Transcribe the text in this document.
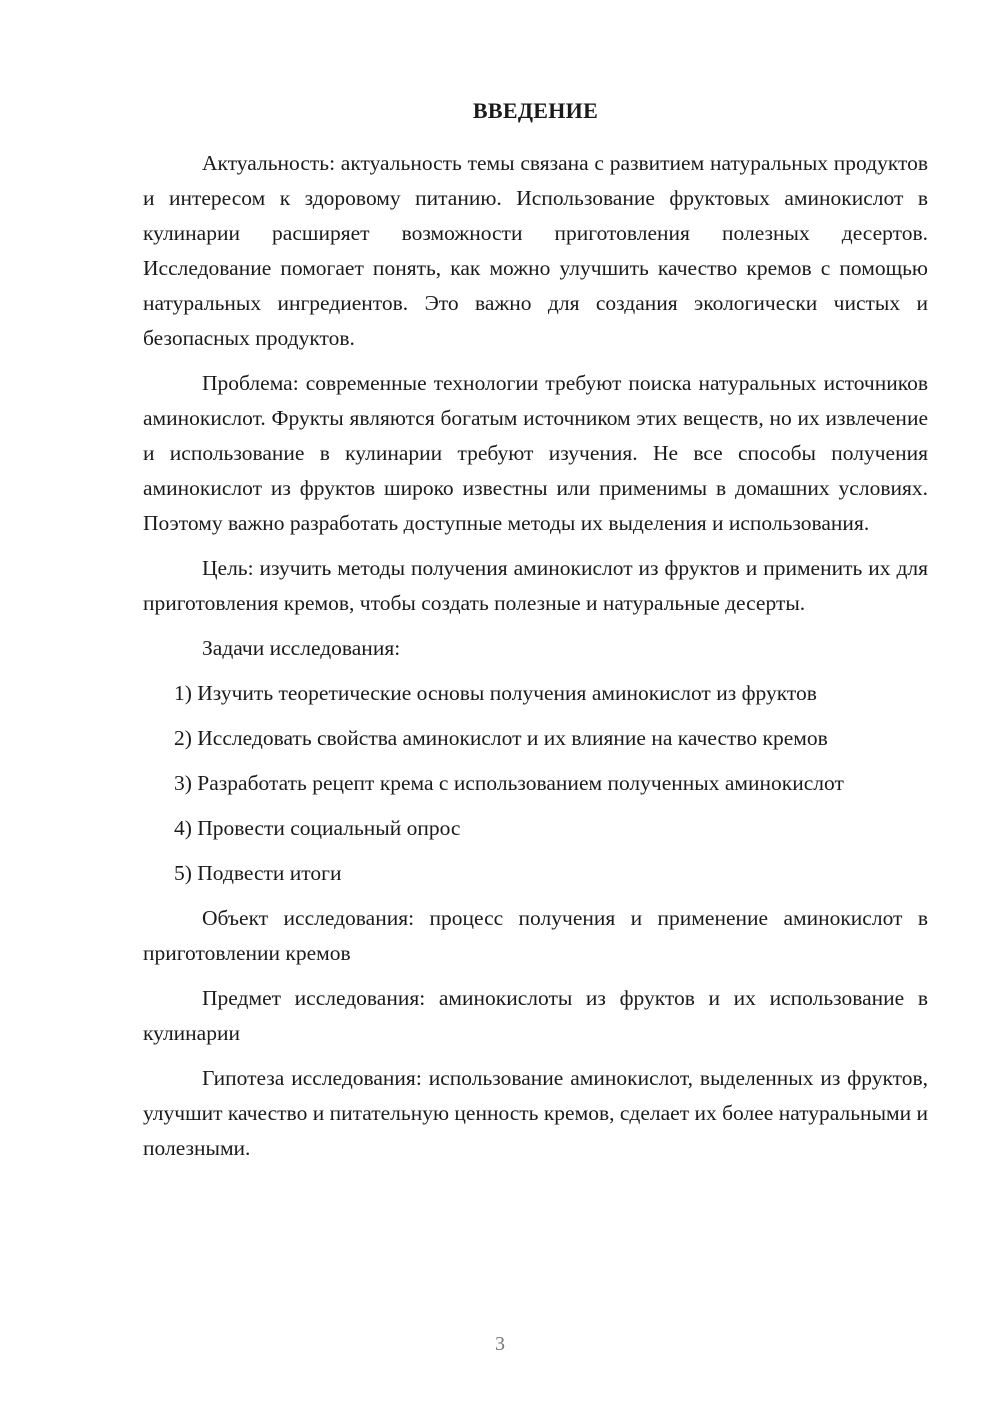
ВВЕДЕНИЕ

Актуальность: актуальность темы связана с развитием натуральных продуктов и интересом к здоровому питанию. Использование фруктовых аминокислот в кулинарии расширяет возможности приготовления полезных десертов. Исследование помогает понять, как можно улучшить качество кремов с помощью натуральных ингредиентов. Это важно для создания экологически чистых и безопасных продуктов.

Проблема: современные технологии требуют поиска натуральных источников аминокислот. Фрукты являются богатым источником этих веществ, но их извлечение и использование в кулинарии требуют изучения. Не все способы получения аминокислот из фруктов широко известны или применимы в домашних условиях. Поэтому важно разработать доступные методы их выделения и использования.

Цель: изучить методы получения аминокислот из фруктов и применить их для приготовления кремов, чтобы создать полезные и натуральные десерты.

Задачи исследования:

1) Изучить теоретические основы получения аминокислот из фруктов

2) Исследовать свойства аминокислот и их влияние на качество кремов

3) Разработать рецепт крема с использованием полученных аминокислот

4) Провести социальный опрос

5) Подвести итоги

Объект исследования: процесс получения и применение аминокислот в приготовлении кремов

Предмет исследования: аминокислоты из фруктов и их использование в кулинарии

Гипотеза исследования: использование аминокислот, выделенных из фруктов, улучшит качество и питательную ценность кремов, сделает их более натуральными и полезными.

3
